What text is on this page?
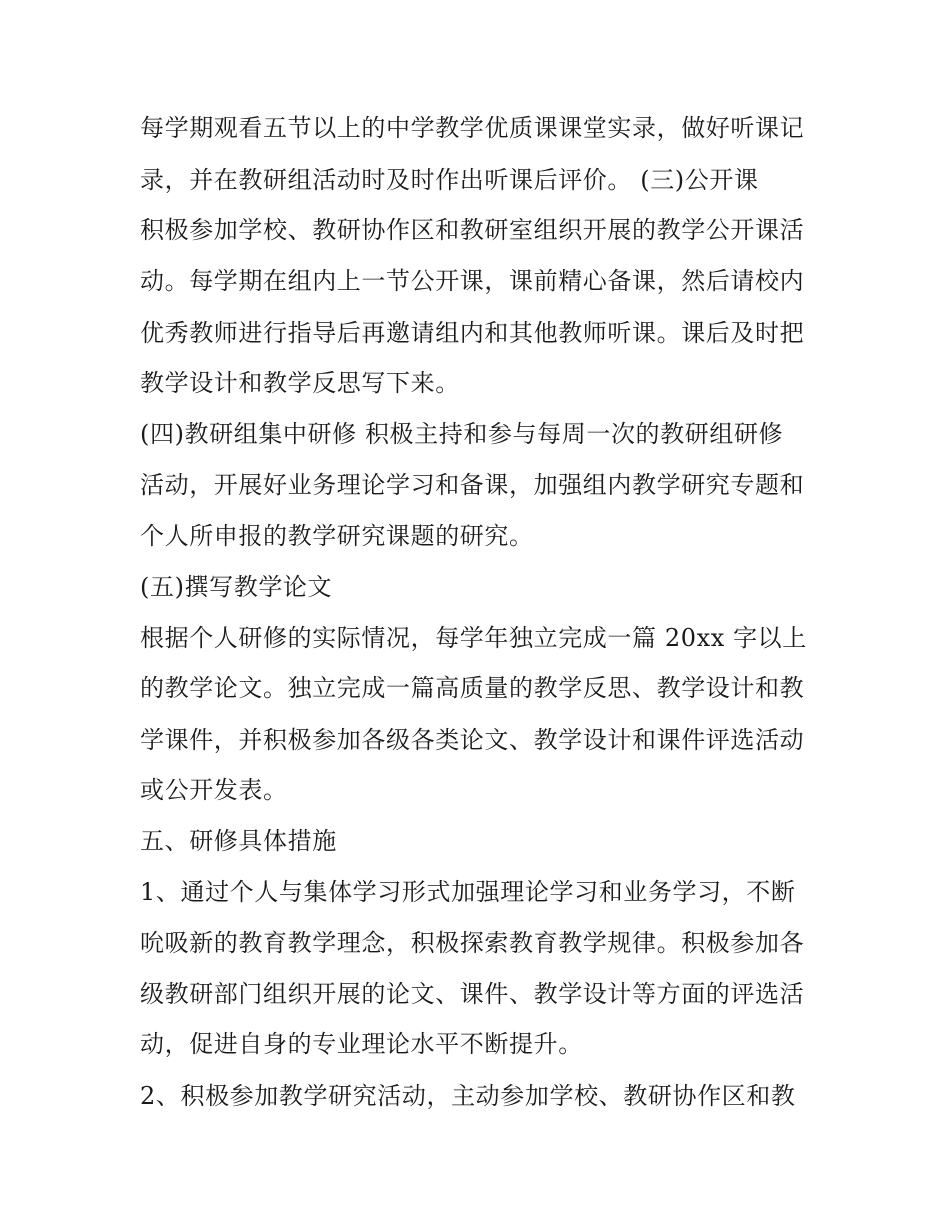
每学期观看五节以上的中学教学优质课课堂实录，做好听课记
录，并在教研组活动时及时作出听课后评价。 (三)公开课
积极参加学校、教研协作区和教研室组织开展的教学公开课活
动。每学期在组内上一节公开课，课前精心备课，然后请校内
优秀教师进行指导后再邀请组内和其他教师听课。课后及时把
教学设计和教学反思写下来。
(四)教研组集中研修 积极主持和参与每周一次的教研组研修
活动，开展好业务理论学习和备课，加强组内教学研究专题和
个人所申报的教学研究课题的研究。
(五)撰写教学论文
根据个人研修的实际情况，每学年独立完成一篇 20xx 字以上
的教学论文。独立完成一篇高质量的教学反思、教学设计和教
学课件，并积极参加各级各类论文、教学设计和课件评选活动
或公开发表。
五、研修具体措施
1、通过个人与集体学习形式加强理论学习和业务学习，不断
吮吸新的教育教学理念，积极探索教育教学规律。积极参加各
级教研部门组织开展的论文、课件、教学设计等方面的评选活
动，促进自身的专业理论水平不断提升。
2、积极参加教学研究活动，主动参加学校、教研协作区和教
